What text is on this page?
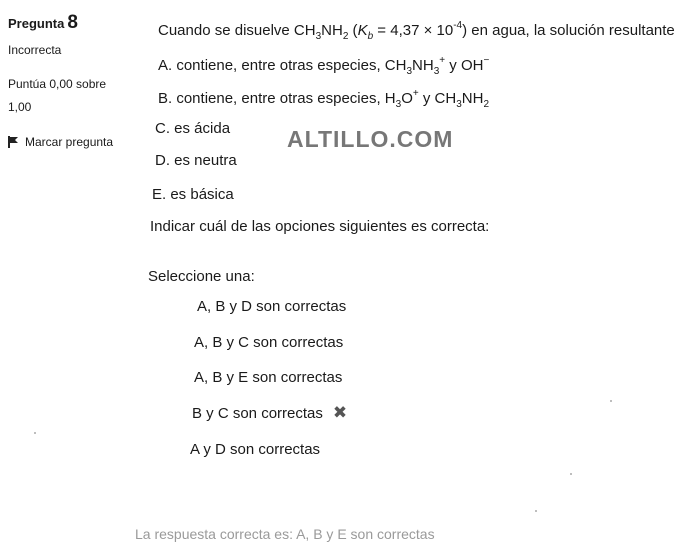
Pregunta 8
Incorrecta
Puntúa 0,00 sobre
1,00
Marcar pregunta
Cuando se disuelve $CH_3NH_2$ $(K_b = 4,37 \times 10^{-4})$ en agua, la solución resultante
A. contiene, entre otras especies, $CH_3NH_3^+$ y OH−
B. contiene, entre otras especies, $H_3O^+$ y $CH_3NH_2$
C. es ácida
D. es neutra
E. es básica
ALTILLO.COM
Indicar cuál de las opciones siguientes es correcta:
Seleccione una:
A, B y D son correctas
A, B y C son correctas
A, B y E son correctas
B y C son correctas ✖
A y D son correctas
La respuesta correcta es: A, B y E son correctas
